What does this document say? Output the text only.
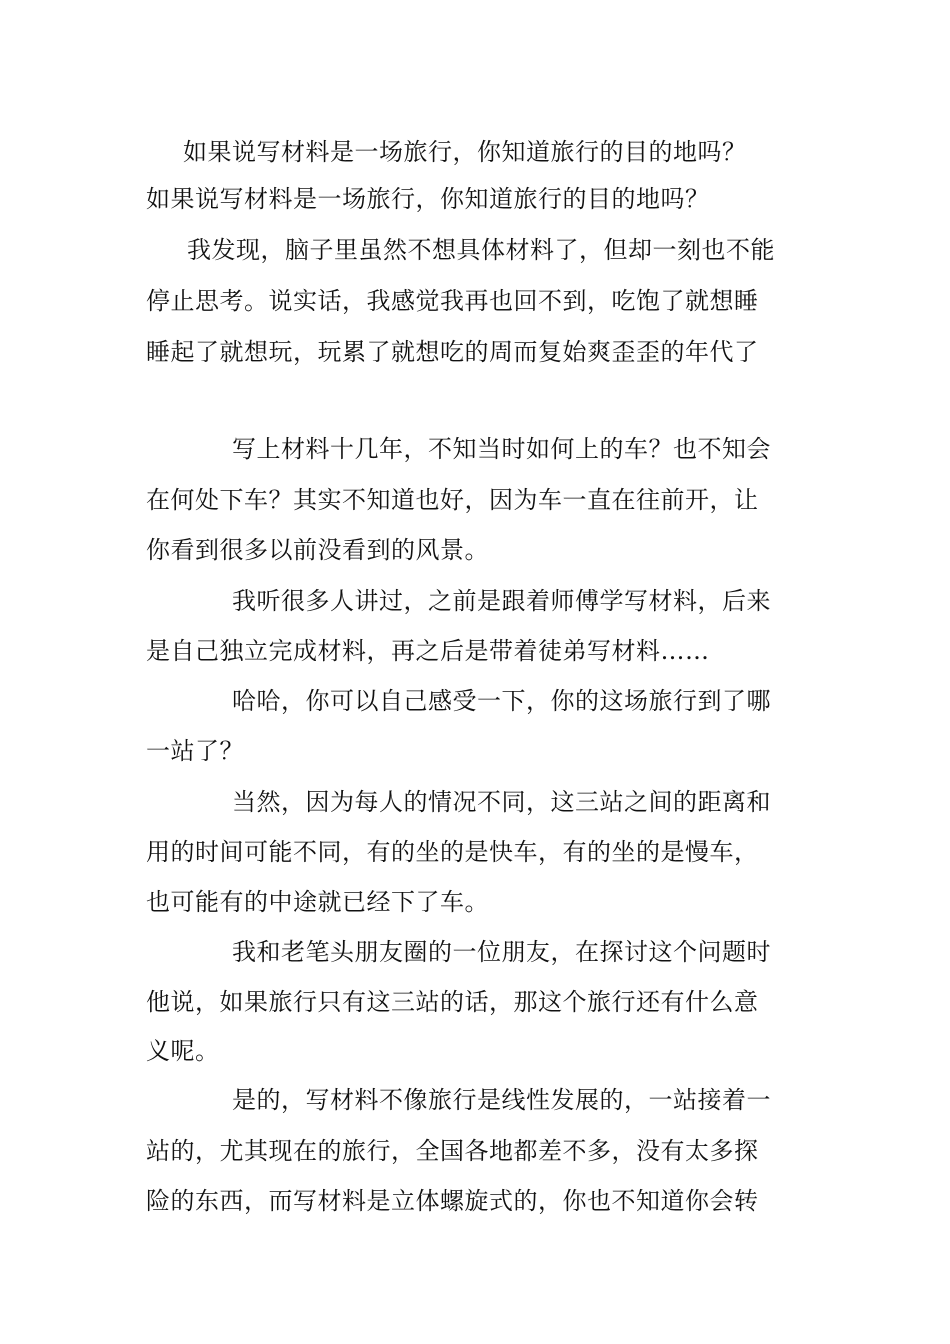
如果说写材料是一场旅行，你知道旅行的目的地吗？
如果说写材料是一场旅行，你知道旅行的目的地吗？
我发现，脑子里虽然不想具体材料了，但却一刻也不能
停止思考。说实话，我感觉我再也回不到，吃饱了就想睡
睡起了就想玩，玩累了就想吃的周而复始爽歪歪的年代了
写上材料十几年，不知当时如何上的车？也不知会
在何处下车？其实不知道也好，因为车一直在往前开，让
你看到很多以前没看到的风景。
我听很多人讲过，之前是跟着师傅学写材料，后来
是自己独立完成材料，再之后是带着徒弟写材料……
哈哈，你可以自己感受一下，你的这场旅行到了哪
一站了？
当然，因为每人的情况不同，这三站之间的距离和
用的时间可能不同，有的坐的是快车，有的坐的是慢车，
也可能有的中途就已经下了车。
我和老笔头朋友圈的一位朋友，在探讨这个问题时
他说，如果旅行只有这三站的话，那这个旅行还有什么意
义呢。
是的，写材料不像旅行是线性发展的，一站接着一
站的，尤其现在的旅行，全国各地都差不多，没有太多探
险的东西，而写材料是立体螺旋式的，你也不知道你会转
